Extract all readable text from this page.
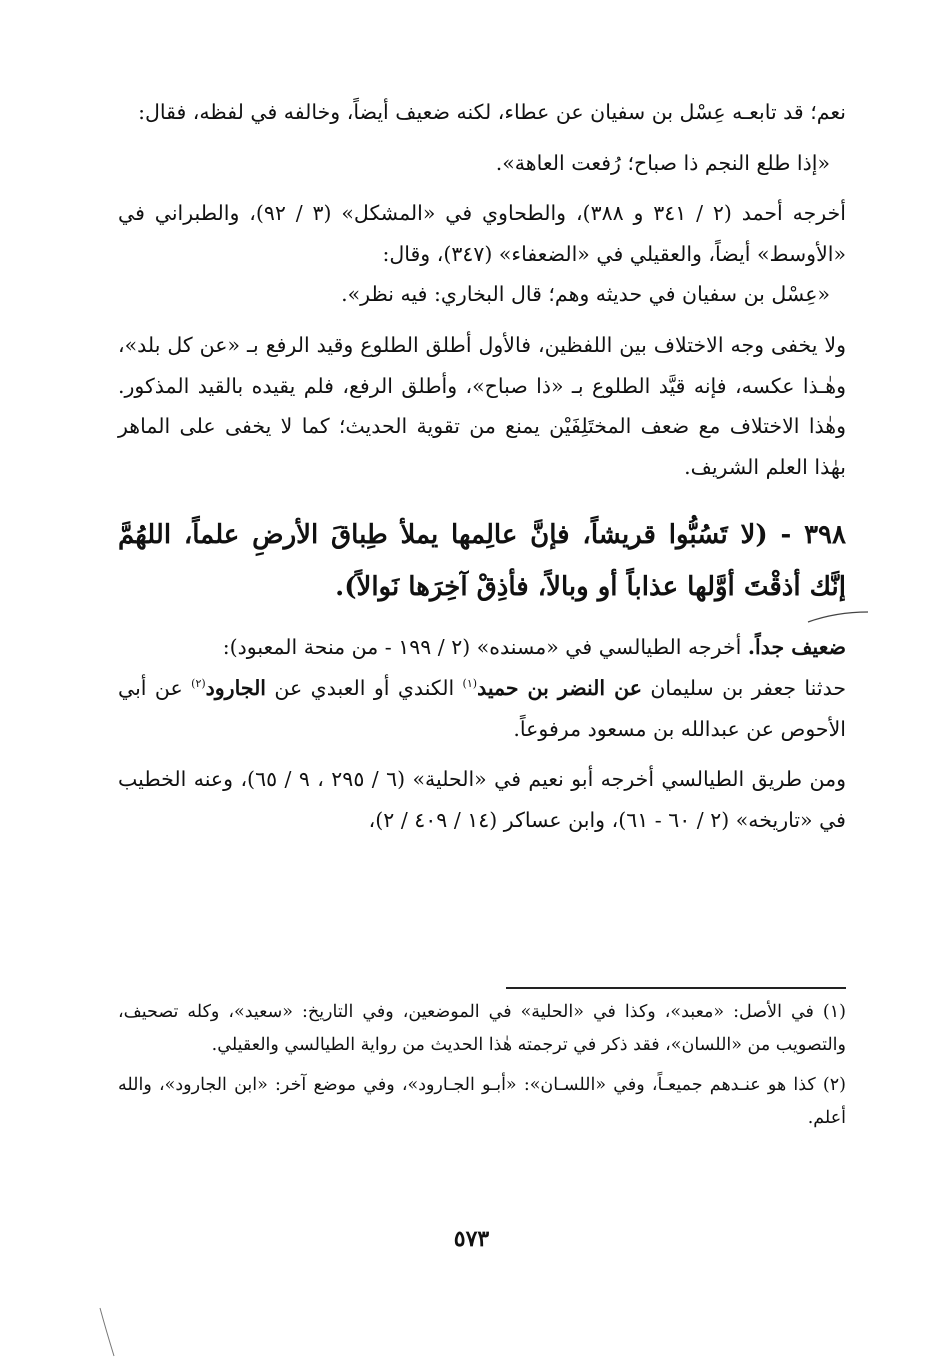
نعم؛ قد تابعـه عِسْل بن سفيان عن عطاء، لكنه ضعيف أيضاً، وخالفه في لفظه، فقال:

«إذا طلع النجم ذا صباح؛ رُفعت العاهة».

أخرجه أحمد (٢ / ٣٤١ و ٣٨٨)، والطحاوي في «المشكل» (٣ / ٩٢)، والطبراني في «الأوسط» أيضاً، والعقيلي في «الضعفاء» (٣٤٧)، وقال:

«عِسْل بن سفيان في حديثه وهم؛ قال البخاري: فيه نظر».

ولا يخفى وجه الاختلاف بين اللفظين، فالأول أطلق الطلوع وقيد الرفع بـ «عن كل بلد»، وهٰـذا عكسه، فإنه قيَّد الطلوع بـ «ذا صباح»، وأطلق الرفع، فلم يقيده بالقيد المذكور. وهٰذا الاختلاف مع ضعف المختَلِفَيْن يمنع من تقوية الحديث؛ كما لا يخفى على الماهر بهٰذا العلم الشريف.

٣٩٨ - (لا تَسُبُّوا قريشاً، فإنَّ عالِمها يملأ طِباقَ الأرضِ علماً، اللهُمَّ إنَّك أذقْتَ أوَّلها عذاباً أو وبالاً، فأذِقْ آخِرَها نَوالاً).

ضعيف جداً. أخرجه الطيالسي في «مسنده» (٢ / ١٩٩ - من منحة المعبود):

حدثنا جعفر بن سليمان عن النضر بن حميد$^{(١)}$ الكندي أو العبدي عن الجارود$^{(٢)}$ عن أبي الأحوص عن عبدالله بن مسعود مرفوعاً.

ومن طريق الطيالسي أخرجه أبو نعيم في «الحلية» (٦ / ٢٩٥ ، ٩ / ٦٥)، وعنه الخطيب في «تاريخه» (٢ / ٦٠ - ٦١)، وابن عساكر (١٤ / ٤٠٩ / ٢)،

(١) في الأصل: «معبد»، وكذا في «الحلية» في الموضعين، وفي التاريخ: «سعيد»، وكله تصحيف، والتصويب من «اللسان»، فقد ذكر في ترجمته هٰذا الحديث من رواية الطيالسي والعقيلي.

(٢) كذا هو عنـدهم جميعـاً، وفي «اللسـان»: «أبـو الجـارود»، وفي موضع آخر: «ابن الجارود»، والله أعلم.

٥٧٣
